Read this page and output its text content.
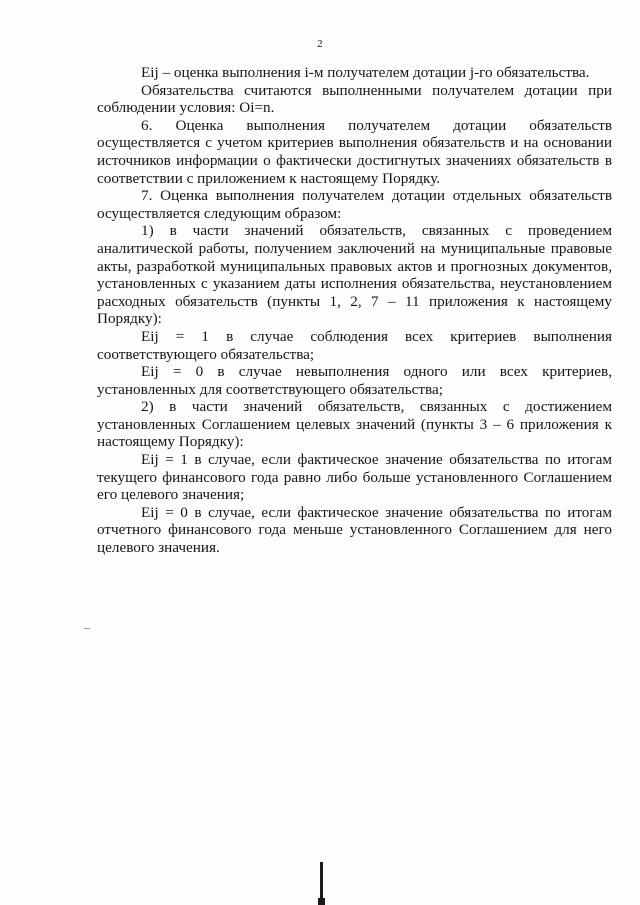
2

Eij – оценка выполнения i-м получателем дотации j-го обязательства.

Обязательства считаются выполненными получателем дотации при соблюдении условия: Oi=n.

6. Оценка выполнения получателем дотации обязательств осуществляется с учетом критериев выполнения обязательств и на основании источников информации о фактически достигнутых значениях обязательств в соответствии с приложением к настоящему Порядку.

7. Оценка выполнения получателем дотации отдельных обязательств осуществляется следующим образом:

1) в части значений обязательств, связанных с проведением аналитической работы, получением заключений на муниципальные правовые акты, разработкой муниципальных правовых актов и прогнозных документов, установленных с указанием даты исполнения обязательства, неустановлением расходных обязательств (пункты 1, 2, 7 – 11 приложения к настоящему Порядку):

Eij = 1 в случае соблюдения всех критериев выполнения соответствующего обязательства;

Eij = 0 в случае невыполнения одного или всех критериев, установленных для соответствующего обязательства;

2) в части значений обязательств, связанных с достижением установленных Соглашением целевых значений (пункты 3 – 6 приложения к настоящему Порядку):

Eij = 1 в случае, если фактическое значение обязательства по итогам текущего финансового года равно либо больше установленного Соглашением его целевого значения;

Eij = 0 в случае, если фактическое значение обязательства по итогам отчетного финансового года меньше установленного Соглашением для него целевого значения.
